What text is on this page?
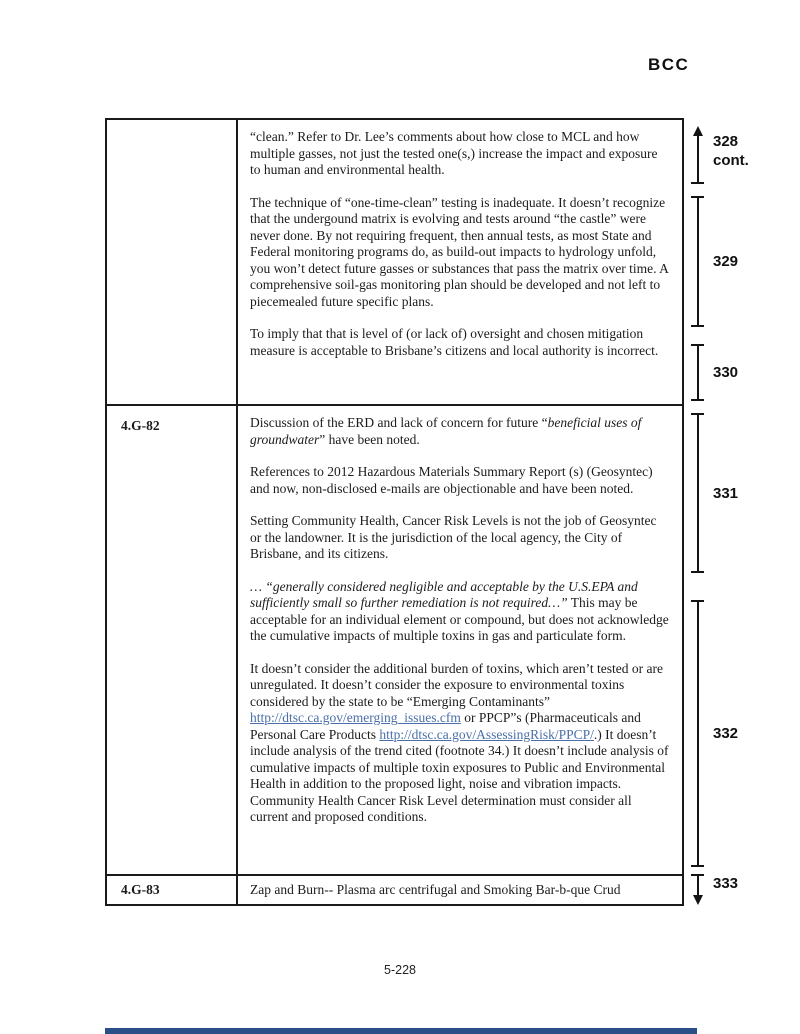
BCC

“clean.” Refer to Dr. Lee’s comments about how close to MCL and how multiple gasses, not just the tested one(s,) increase the impact and exposure to human and environmental health.

The technique of “one-time-clean” testing is inadequate. It doesn’t recognize that the undergound matrix is evolving and tests around “the castle” were never done. By not requiring frequent, then annual tests, as most State and Federal monitoring programs do, as build-out impacts to hydrology unfold, you won’t detect future gasses or substances that pass the matrix over time. A comprehensive soil-gas monitoring plan should be developed and not left to piecemealed future specific plans.

To imply that that is level of (or lack of) oversight and chosen mitigation measure is acceptable to Brisbane’s citizens and local authority is incorrect.

4.G-82	Discussion of the ERD and lack of concern for future “beneficial uses of groundwater” have been noted.

References to 2012 Hazardous Materials Summary Report (s) (Geosyntec) and now, non-disclosed e-mails are objectionable and have been noted.

Setting Community Health, Cancer Risk Levels is not the job of Geosyntec or the landowner. It is the jurisdiction of the local agency, the City of Brisbane, and its citizens.

… “generally considered negligible and acceptable by the U.S.EPA and sufficiently small so further remediation is not required…” This may be acceptable for an individual element or compound, but does not acknowledge the cumulative impacts of multiple toxins in gas and particulate form.

It doesn’t consider the additional burden of toxins, which aren’t tested or are unregulated. It doesn’t consider the exposure to environmental toxins considered by the state to be “Emerging Contaminants” http://dtsc.ca.gov/emerging_issues.cfm or PPCP”s (Pharmaceuticals and Personal Care Products http://dtsc.ca.gov/AssessingRisk/PPCP/.) It doesn’t include analysis of the trend cited (footnote 34.) It doesn’t include analysis of cumulative impacts of multiple toxin exposures to Public and Environmental Health in addition to the proposed light, noise and vibration impacts. Community Health Cancer Risk Level determination must consider all current and proposed conditions.

4.G-83	Zap and Burn-- Plasma arc centrifugal and Smoking Bar-b-que Crud

328
cont.
329
330
331
332
333
5-228
